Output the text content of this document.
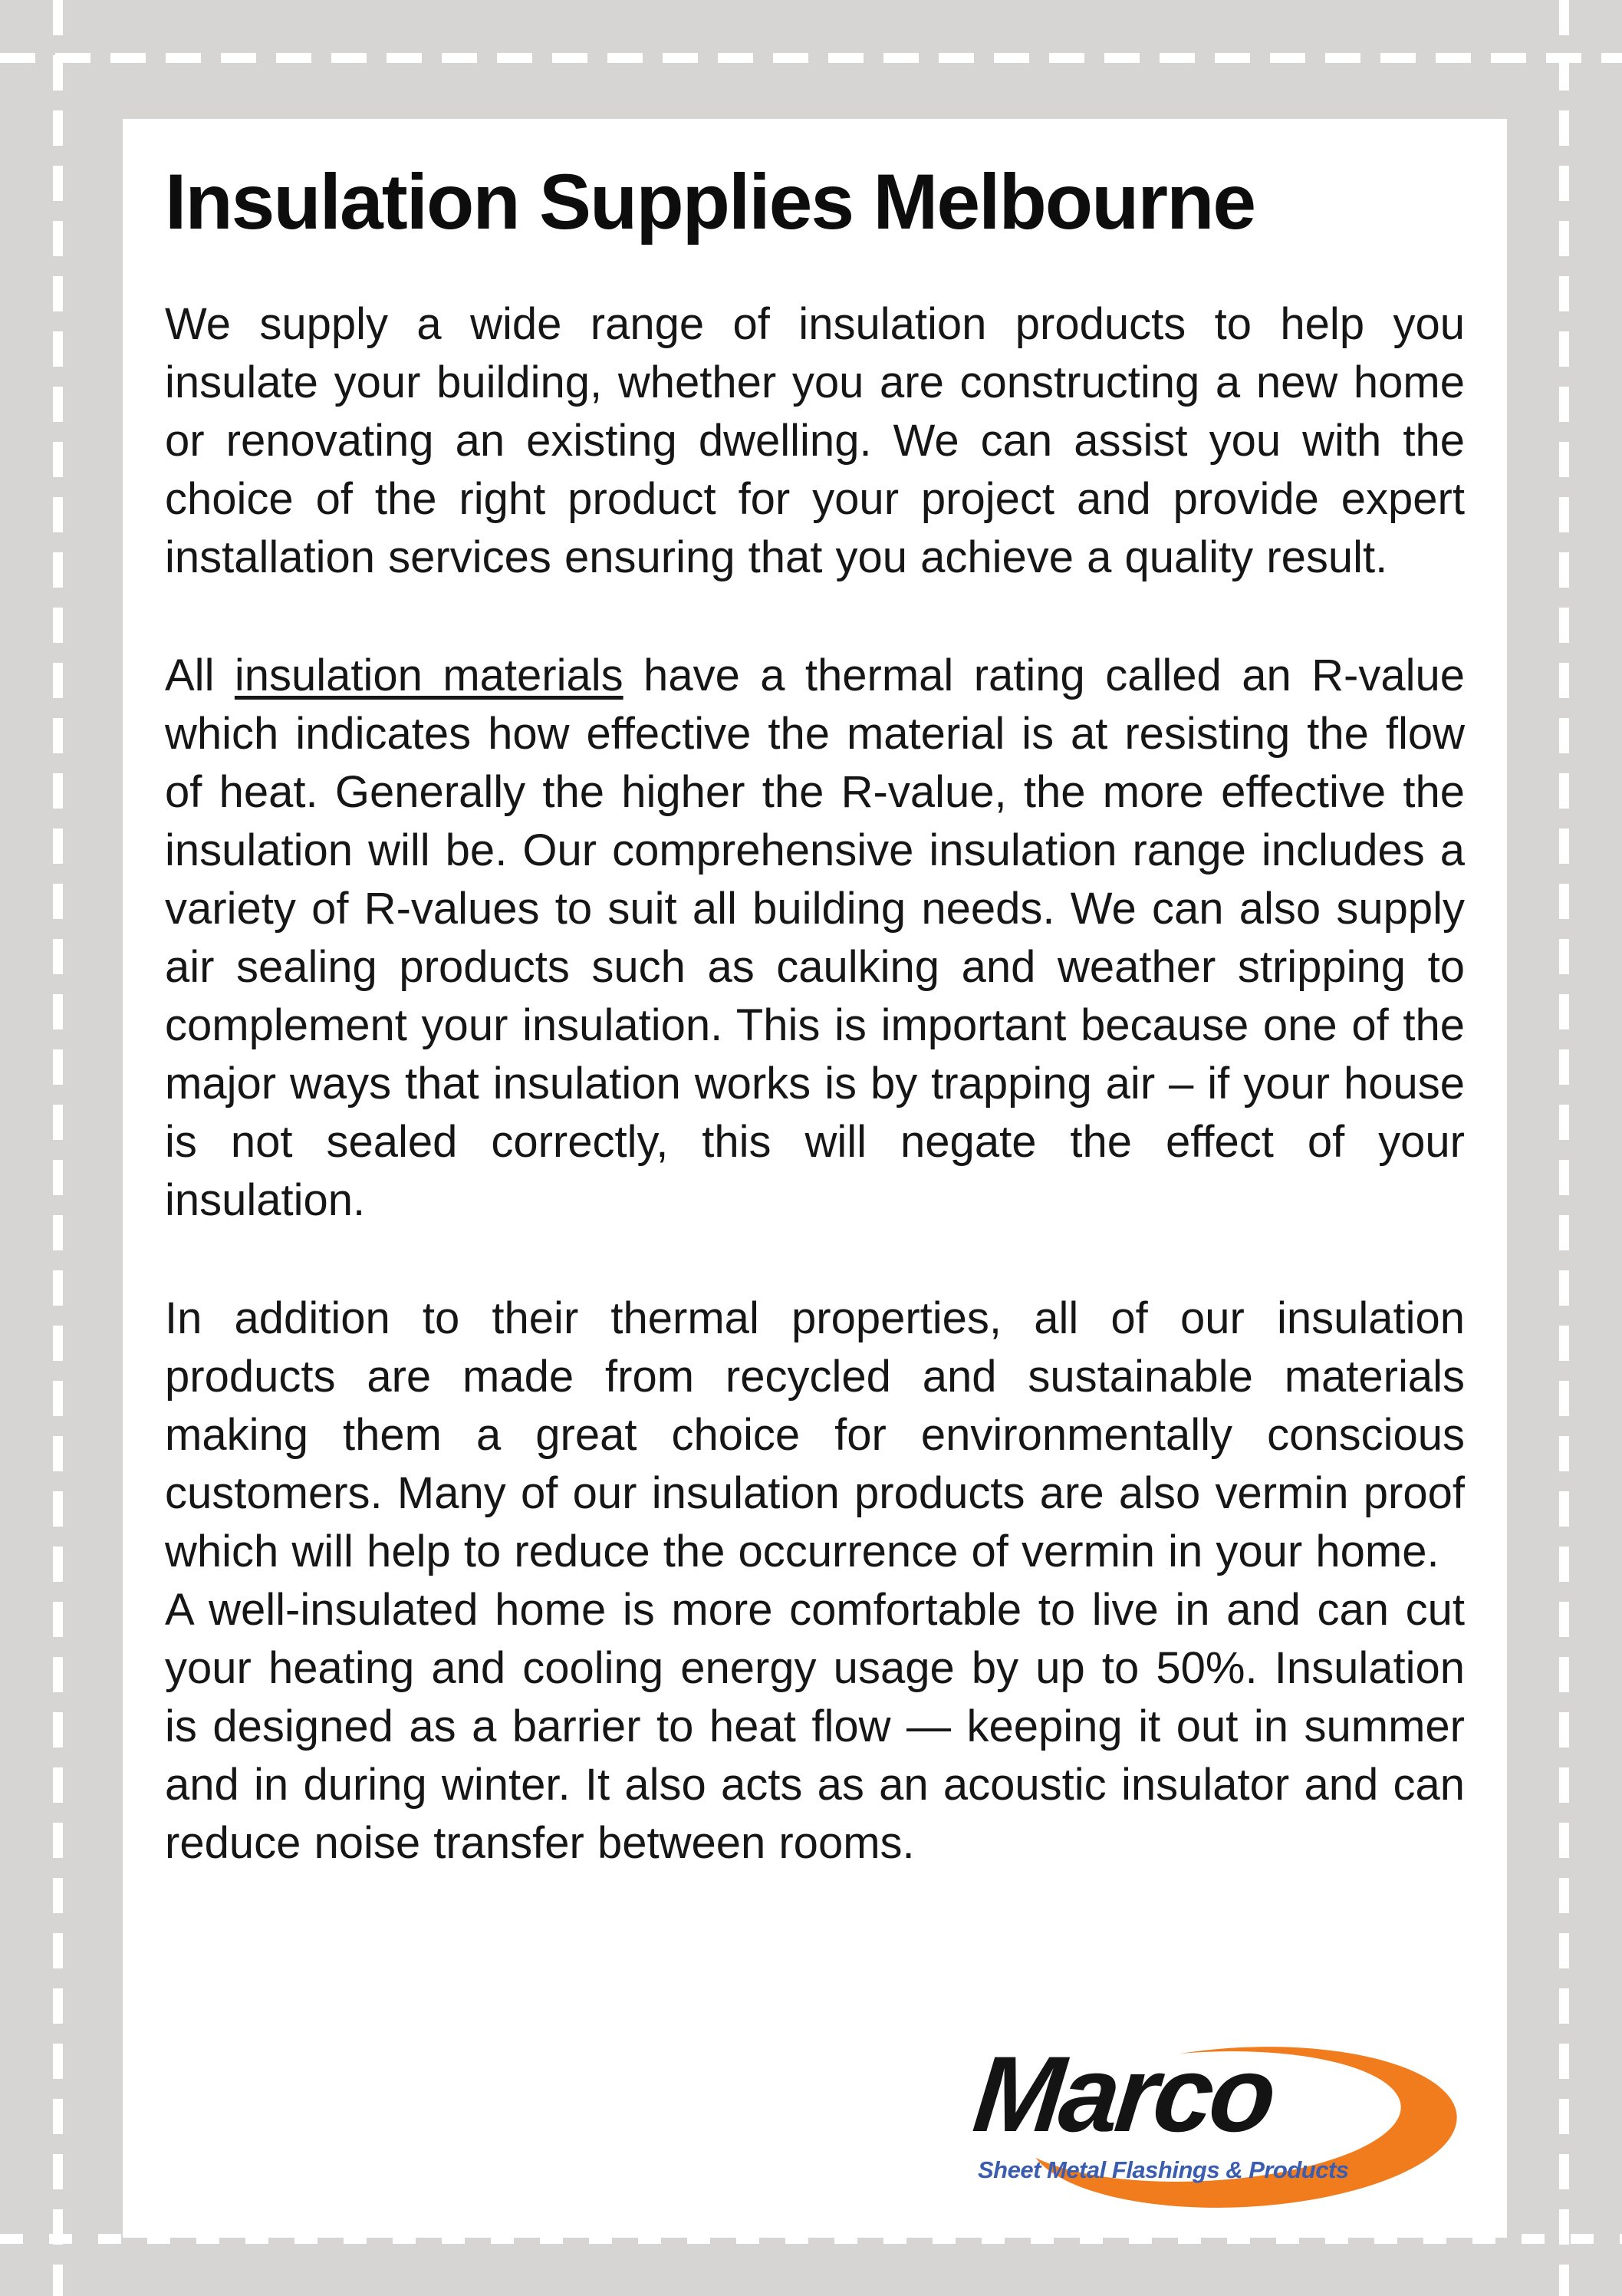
Insulation Supplies Melbourne

We supply a wide range of insulation products to help you insulate your building, whether you are constructing a new home or renovating an existing dwelling. We can assist you with the choice of the right product for your project and provide expert installation services ensuring that you achieve a quality result.

All insulation materials have a thermal rating called an R-value which indicates how effective the material is at resisting the flow of heat. Generally the higher the R-value, the more effective the insulation will be. Our comprehensive insulation range includes a variety of R-values to suit all building needs. We can also supply air sealing products such as caulking and weather stripping to complement your insulation. This is important because one of the major ways that insulation works is by trapping air – if your house is not sealed correctly, this will negate the effect of your insulation.

In addition to their thermal properties, all of our insulation products are made from recycled and sustainable materials making them a great choice for environmentally conscious customers. Many of our insulation products are also vermin proof which will help to reduce the occurrence of vermin in your home.

A well-insulated home is more comfortable to live in and can cut your heating and cooling energy usage by up to 50%. Insulation is designed as a barrier to heat flow — keeping it out in summer and in during winter. It also acts as an acoustic insulator and can reduce noise transfer between rooms.

Marco
Sheet Metal Flashings & Products
